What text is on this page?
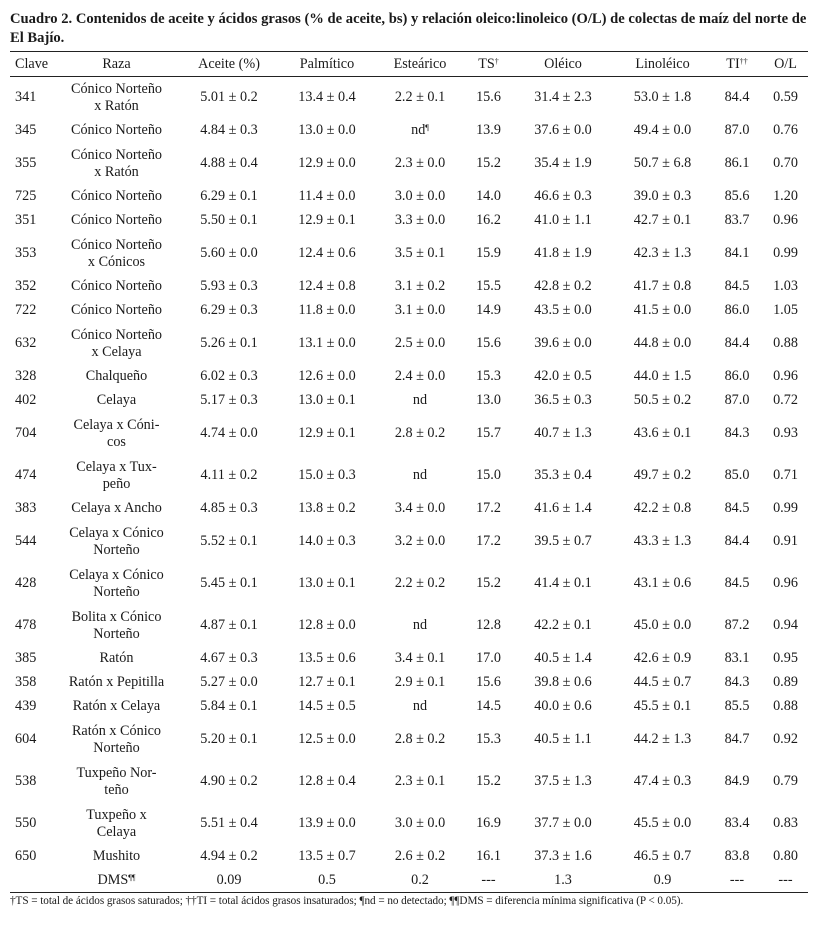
Cuadro 2. Contenidos de aceite y ácidos grasos (% de aceite, bs) y relación oleico:linoleico (O/L) de colectas de maíz del norte de El Bajío.

Clave	Raza	Aceite (%)	Palmítico	Esteárico	TS†	Oléico	Linoléico	TI††	O/L
341	Cónico Norteño
x Ratón	5.01 ± 0.2	13.4 ± 0.4	2.2 ± 0.1	15.6	31.4 ± 2.3	53.0 ± 1.8	84.4	0.59
345	Cónico Norteño	4.84 ± 0.3	13.0 ± 0.0	nd¶	13.9	37.6 ± 0.0	49.4 ± 0.0	87.0	0.76
355	Cónico Norteño
x Ratón	4.88 ± 0.4	12.9 ± 0.0	2.3 ± 0.0	15.2	35.4 ± 1.9	50.7 ± 6.8	86.1	0.70
725	Cónico Norteño	6.29 ± 0.1	11.4 ± 0.0	3.0 ± 0.0	14.0	46.6 ± 0.3	39.0 ± 0.3	85.6	1.20
351	Cónico Norteño	5.50 ± 0.1	12.9 ± 0.1	3.3 ± 0.0	16.2	41.0 ± 1.1	42.7 ± 0.1	83.7	0.96
353	Cónico Norteño
x Cónicos	5.60 ± 0.0	12.4 ± 0.6	3.5 ± 0.1	15.9	41.8 ± 1.9	42.3 ± 1.3	84.1	0.99
352	Cónico Norteño	5.93 ± 0.3	12.4 ± 0.8	3.1 ± 0.2	15.5	42.8 ± 0.2	41.7 ± 0.8	84.5	1.03
722	Cónico Norteño	6.29 ± 0.3	11.8 ± 0.0	3.1 ± 0.0	14.9	43.5 ± 0.0	41.5 ± 0.0	86.0	1.05
632	Cónico Norteño
x Celaya	5.26 ± 0.1	13.1 ± 0.0	2.5 ± 0.0	15.6	39.6 ± 0.0	44.8 ± 0.0	84.4	0.88
328	Chalqueño	6.02 ± 0.3	12.6 ± 0.0	2.4 ± 0.0	15.3	42.0 ± 0.5	44.0 ± 1.5	86.0	0.96
402	Celaya	5.17 ± 0.3	13.0 ± 0.1	nd	13.0	36.5 ± 0.3	50.5 ± 0.2	87.0	0.72
704	Celaya x Cóni-
cos	4.74 ± 0.0	12.9 ± 0.1	2.8 ± 0.2	15.7	40.7 ± 1.3	43.6 ± 0.1	84.3	0.93
474	Celaya x Tux-
peño	4.11 ± 0.2	15.0 ± 0.3	nd	15.0	35.3 ± 0.4	49.7 ± 0.2	85.0	0.71
383	Celaya x Ancho	4.85 ± 0.3	13.8 ± 0.2	3.4 ± 0.0	17.2	41.6 ± 1.4	42.2 ± 0.8	84.5	0.99
544	Celaya x Cónico
Norteño	5.52 ± 0.1	14.0 ± 0.3	3.2 ± 0.0	17.2	39.5 ± 0.7	43.3 ± 1.3	84.4	0.91
428	Celaya x Cónico
Norteño	5.45 ± 0.1	13.0 ± 0.1	2.2 ± 0.2	15.2	41.4 ± 0.1	43.1 ± 0.6	84.5	0.96
478	Bolita x Cónico
Norteño	4.87 ± 0.1	12.8 ± 0.0	nd	12.8	42.2 ± 0.1	45.0 ± 0.0	87.2	0.94
385	Ratón	4.67 ± 0.3	13.5 ± 0.6	3.4 ± 0.1	17.0	40.5 ± 1.4	42.6 ± 0.9	83.1	0.95
358	Ratón x Pepitilla	5.27 ± 0.0	12.7 ± 0.1	2.9 ± 0.1	15.6	39.8 ± 0.6	44.5 ± 0.7	84.3	0.89
439	Ratón x Celaya	5.84 ± 0.1	14.5 ± 0.5	nd	14.5	40.0 ± 0.6	45.5 ± 0.1	85.5	0.88
604	Ratón x Cónico
Norteño	5.20 ± 0.1	12.5 ± 0.0	2.8 ± 0.2	15.3	40.5 ± 1.1	44.2 ± 1.3	84.7	0.92
538	Tuxpeño Nor-
teño	4.90 ± 0.2	12.8 ± 0.4	2.3 ± 0.1	15.2	37.5 ± 1.3	47.4 ± 0.3	84.9	0.79
550	Tuxpeño x
Celaya	5.51 ± 0.4	13.9 ± 0.0	3.0 ± 0.0	16.9	37.7 ± 0.0	45.5 ± 0.0	83.4	0.83
650	Mushito	4.94 ± 0.2	13.5 ± 0.7	2.6 ± 0.2	16.1	37.3 ± 1.6	46.5 ± 0.7	83.8	0.80
	DMS¶¶	0.09	0.5	0.2	---	1.3	0.9	---	---
†TS = total de ácidos grasos saturados; ††TI = total ácidos grasos insaturados; ¶nd = no detectado; ¶¶DMS = diferencia mínima significativa (P < 0.05).
